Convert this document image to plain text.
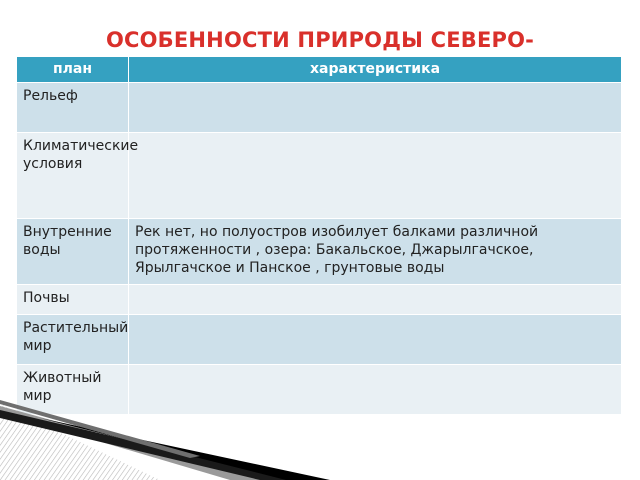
ОСОБЕННОСТИ ПРИРОДЫ СЕВЕРО-
план	характеристика
Рельеф	
Климатические условия	
Внутренние воды	Рек нет, но полуостров изобилует балками различной протяженности , озера: Бакальское, Джарылгачское, Ярылгачское и Панское , грунтовые воды
Почвы	
Растительный мир	
Животный мир	
